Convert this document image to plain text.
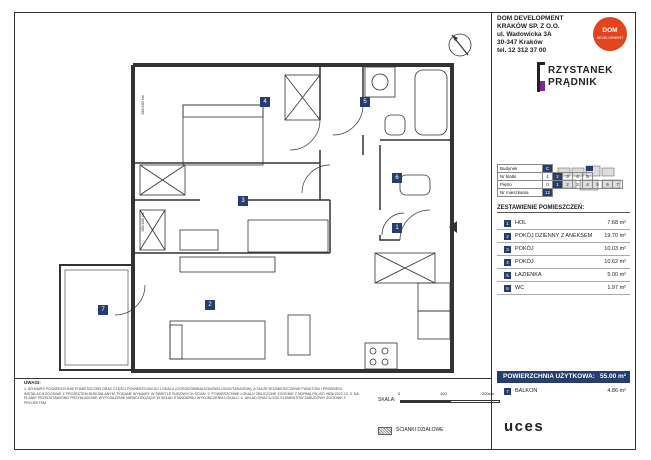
4	5
6
3
1
2
7
150/160 cm
150/160 cm
DOM DEVELOPMENT
KRAKÓW SP. Z O.O.
ul. Wadowicka 3A
30-347 Kraków
tel. 12 312 37 00
DOM
DEVELOPMENT
RZYSTANEK
PRĄDNIK
Budynek	C							
Nr klatki	1	2	3	4	5			
Piętro	0	1	2	3	4	5	6	7
Nr mieszkania	12							
ZESTAWIENIE POMIESZCZEŃ:
1	HOL	7.68 m²
2	POKÓJ DZIENNY Z ANEKSEM 19.70 m²
3	POKÓJ	10.03 m²
4	POKÓJ	10.62 m²
5	ŁAZIENKA	5.00 m²
6	WC	1.97 m²
POWIERZCHNIA UŻYTKOWA: 55.00 m²
7	BALKON	4.86 m²
UWAGI:
1. WYMIARY POWIERZCHNIE POMIESZCZEŃ ORAZ CZĘŚCI POWIERZCHNI DO LOKALU (OGRODÓW/BALKONÓW/LOGGII/TARASÓW), A TAKŻE ROZMIESZCZENIE PUNKTÓW I PRZEBIEGI INSTALACJI ZGODNIE Z PROJEKTEM BUDOWLANYM. PODANE WYMIARY W ŚWIETLE SUROWYCH ŚCIAN. 2. POWIERZCHNIE LOKALU OBLICZONE ZGODNIE Z NORMĄ PN-ISO 9836:2022-12. 3. NA PLANIE PRZEDSTAWIONO PRZYKŁADOWE WYPOSAŻENIE NIEWCHODZĄCE W SKŁAD STANDARDU WYKOŃCZENIA LOKALU. 4. UKŁAD ORAZ ILOŚĆ ELEMENTÓW ZABUDOWY ZGODNIE Z PROJEKTEM.	SKALA:
0	100	200cm
ŚCIANKI DZIAŁOWE	uces
